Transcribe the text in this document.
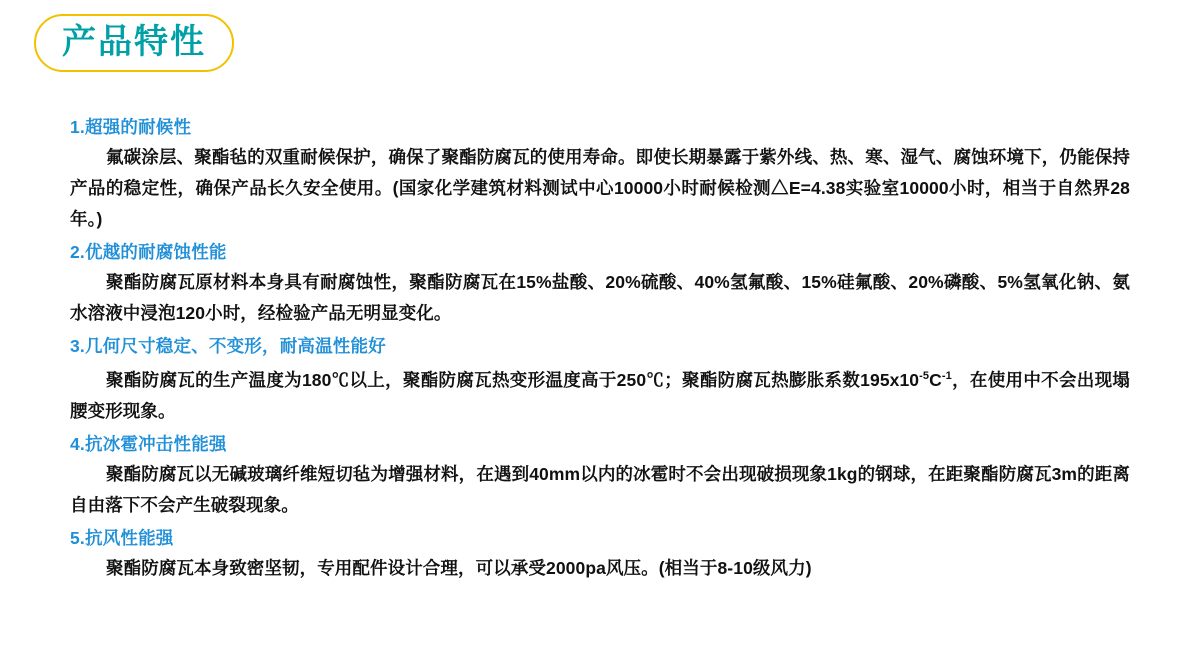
产品特性
1.超强的耐候性
氟碳涂层、聚酯毡的双重耐候保护，确保了聚酯防腐瓦的使用寿命。即使长期暴露于紫外线、热、寒、湿气、腐蚀环境下，仍能保持产品的稳定性，确保产品长久安全使用。(国家化学建筑材料测试中心10000小时耐候检测△E=4.38实验室10000小时，相当于自然界28年。)
2.优越的耐腐蚀性能
聚酯防腐瓦原材料本身具有耐腐蚀性，聚酯防腐瓦在15%盐酸、20%硫酸、40%氢氟酸、15%硅氟酸、20%磷酸、5%氢氧化钠、氨水溶液中浸泡120小时，经检验产品无明显变化。
3.几何尺寸稳定、不变形，耐高温性能好
聚酯防腐瓦的生产温度为180℃以上，聚酯防腐瓦热变形温度高于250℃；聚酯防腐瓦热膨胀系数$195x10^{-5}C^{-1}$，在使用中不会出现塌腰变形现象。
4.抗冰雹冲击性能强
聚酯防腐瓦以无碱玻璃纤维短切毡为增强材料，在遇到40mm以内的冰雹时不会出现破损现象1kg的钢球，在距聚酯防腐瓦3m的距离自由落下不会产生破裂现象。
5.抗风性能强
聚酯防腐瓦本身致密坚韧，专用配件设计合理，可以承受2000pa风压。(相当于8-10级风力)
